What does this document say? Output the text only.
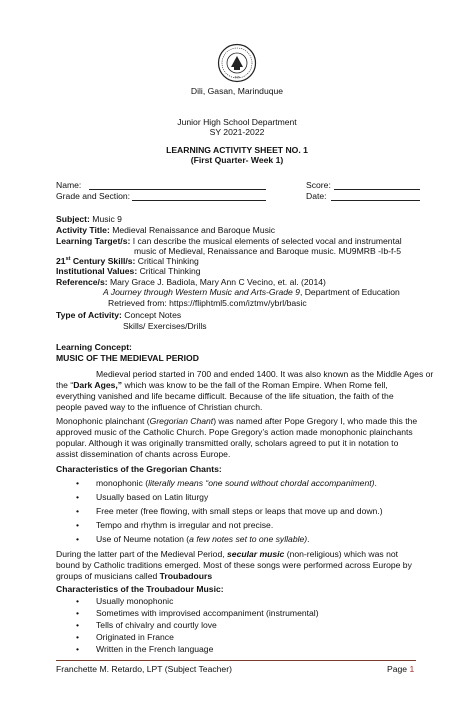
JHS
Dili, Gasan, Marinduque
Junior High School Department
SY 2021-2022
LEARNING ACTIVITY SHEET NO. 1
(First Quarter- Week 1)
Name:	Score:
Grade and Section:	Date:
Subject: Music 9
Activity Title: Medieval Renaissance and Baroque Music
Learning Target/s: I can describe the musical elements of selected vocal and instrumental
music of Medieval, Renaissance and Baroque music. MU9MRB -Ib-f-5
21st Century Skill/s: Critical Thinking
Institutional Values: Critical Thinking
Reference/s: Mary Grace J. Badiola, Mary Ann C Vecino, et. al. (2014)
A Journey through Western Music and Arts-Grade 9, Department of Education
Retrieved from: https://fliphtml5.com/iztmv/ybrl/basic
Type of Activity: Concept Notes
Skills/ Exercises/Drills
Learning Concept:
MUSIC OF THE MEDIEVAL PERIOD
Medieval period started in 700 and ended 1400. It was also known as the Middle Ages or
the “Dark Ages,” which was know to be the fall of the Roman Empire. When Rome fell,
everything vanished and life became difficult. Because of the life situation, the faith of the
people paved way to the influence of Christian church.
Monophonic plainchant (Gregorian Chant) was named after Pope Gregory I, who made this the
approved music of the Catholic Church. Pope Gregory’s action made monophonic plainchants
popular. Although it was originally transmitted orally, scholars agreed to put it in notation to
assist dissemination of chants across Europe.
Characteristics of the Gregorian Chants:
• monophonic (literally means “one sound without chordal accompaniment).
• Usually based on Latin liturgy
• Free meter (free flowing, with small steps or leaps that move up and down.)
• Tempo and rhythm is irregular and not precise.
• Use of Neume notation (a few notes set to one syllable).
During the latter part of the Medieval Period, secular music (non-religious) which was not
bound by Catholic traditions emerged. Most of these songs were performed across Europe by
groups of musicians called Troubadours
Characteristics of the Troubadour Music:
• Usually monophonic
• Sometimes with improvised accompaniment (instrumental)
• Tells of chivalry and courtly love
• Originated in France
• Written in the French language
Franchette M. Retardo, LPT (Subject Teacher)	Page 1
